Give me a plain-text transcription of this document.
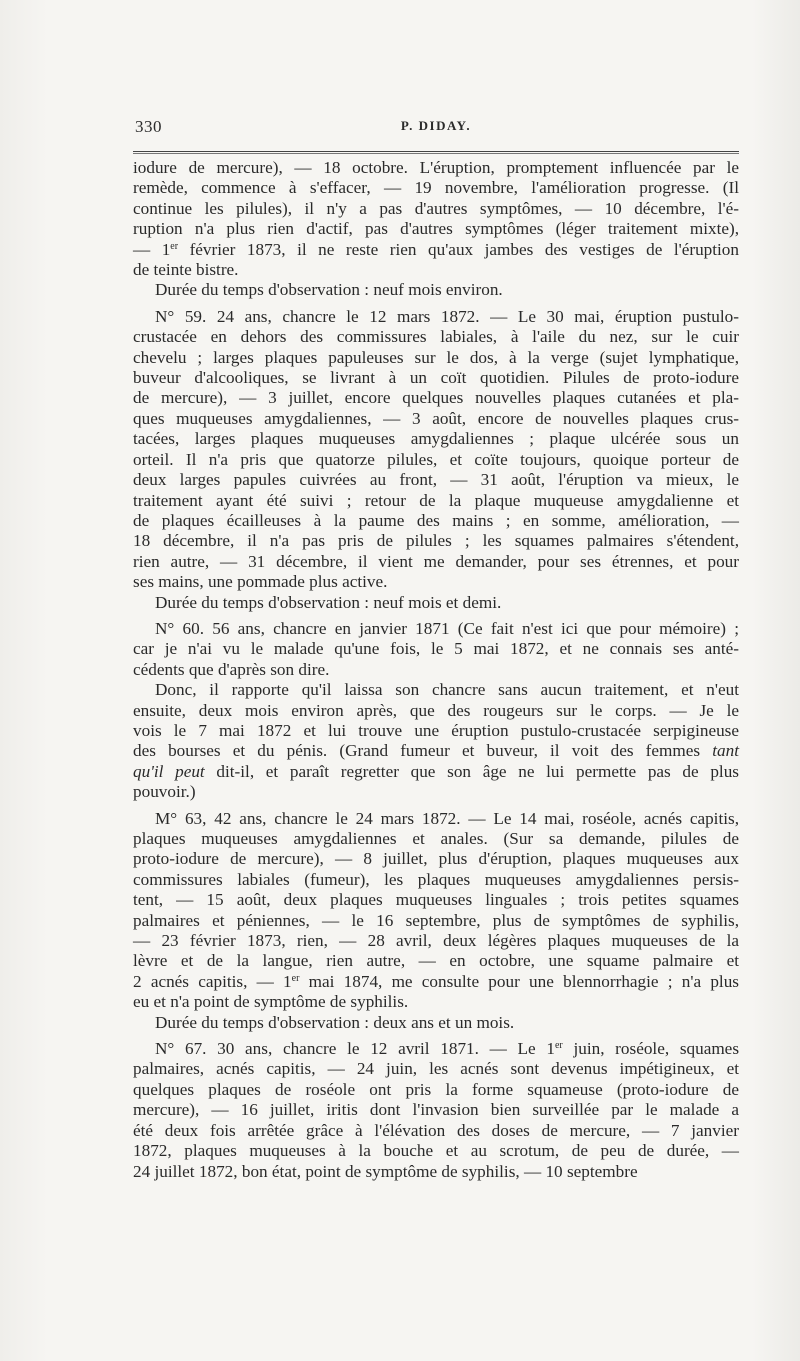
330	P. DIDAY.
iodure de mercure), — 18 octobre. L'éruption, promptement influencée par le
remède, commence à s'effacer, — 19 novembre, l'amélioration progresse. (Il
continue les pilules), il n'y a pas d'autres symptômes, — 10 décembre, l'é-
ruption n'a plus rien d'actif, pas d'autres symptômes (léger traitement mixte),
— 1er février 1873, il ne reste rien qu'aux jambes des vestiges de l'éruption
de teinte bistre.
Durée du temps d'observation : neuf mois environ.
N° 59. 24 ans, chancre le 12 mars 1872. — Le 30 mai, éruption pustulo-
crustacée en dehors des commissures labiales, à l'aile du nez, sur le cuir
chevelu ; larges plaques papuleuses sur le dos, à la verge (sujet lymphatique,
buveur d'alcooliques, se livrant à un coït quotidien. Pilules de proto-iodure
de mercure), — 3 juillet, encore quelques nouvelles plaques cutanées et pla-
ques muqueuses amygdaliennes, — 3 août, encore de nouvelles plaques crus-
tacées, larges plaques muqueuses amygdaliennes ; plaque ulcérée sous un
orteil. Il n'a pris que quatorze pilules, et coïte toujours, quoique porteur de
deux larges papules cuivrées au front, — 31 août, l'éruption va mieux, le
traitement ayant été suivi ; retour de la plaque muqueuse amygdalienne et
de plaques écailleuses à la paume des mains ; en somme, amélioration, —
18 décembre, il n'a pas pris de pilules ; les squames palmaires s'étendent,
rien autre, — 31 décembre, il vient me demander, pour ses étrennes, et pour
ses mains, une pommade plus active.
Durée du temps d'observation : neuf mois et demi.
N° 60. 56 ans, chancre en janvier 1871 (Ce fait n'est ici que pour mémoire) ;
car je n'ai vu le malade qu'une fois, le 5 mai 1872, et ne connais ses anté-
cédents que d'après son dire.
Donc, il rapporte qu'il laissa son chancre sans aucun traitement, et n'eut
ensuite, deux mois environ après, que des rougeurs sur le corps. — Je le
vois le 7 mai 1872 et lui trouve une éruption pustulo-crustacée serpigineuse
des bourses et du pénis. (Grand fumeur et buveur, il voit des femmes tant
qu'il peut dit-il, et paraît regretter que son âge ne lui permette pas de plus
pouvoir.)
M° 63, 42 ans, chancre le 24 mars 1872. — Le 14 mai, roséole, acnés capitis,
plaques muqueuses amygdaliennes et anales. (Sur sa demande, pilules de
proto-iodure de mercure), — 8 juillet, plus d'éruption, plaques muqueuses aux
commissures labiales (fumeur), les plaques muqueuses amygdaliennes persis-
tent, — 15 août, deux plaques muqueuses linguales ; trois petites squames
palmaires et péniennes, — le 16 septembre, plus de symptômes de syphilis,
— 23 février 1873, rien, — 28 avril, deux légères plaques muqueuses de la
lèvre et de la langue, rien autre, — en octobre, une squame palmaire et
2 acnés capitis, — 1er mai 1874, me consulte pour une blennorrhagie ; n'a plus
eu et n'a point de symptôme de syphilis.
Durée du temps d'observation : deux ans et un mois.
N° 67. 30 ans, chancre le 12 avril 1871. — Le 1er juin, roséole, squames
palmaires, acnés capitis, — 24 juin, les acnés sont devenus impétigineux, et
quelques plaques de roséole ont pris la forme squameuse (proto-iodure de
mercure), — 16 juillet, iritis dont l'invasion bien surveillée par le malade a
été deux fois arrêtée grâce à l'élévation des doses de mercure, — 7 janvier
1872, plaques muqueuses à la bouche et au scrotum, de peu de durée, —
24 juillet 1872, bon état, point de symptôme de syphilis, — 10 septembre
